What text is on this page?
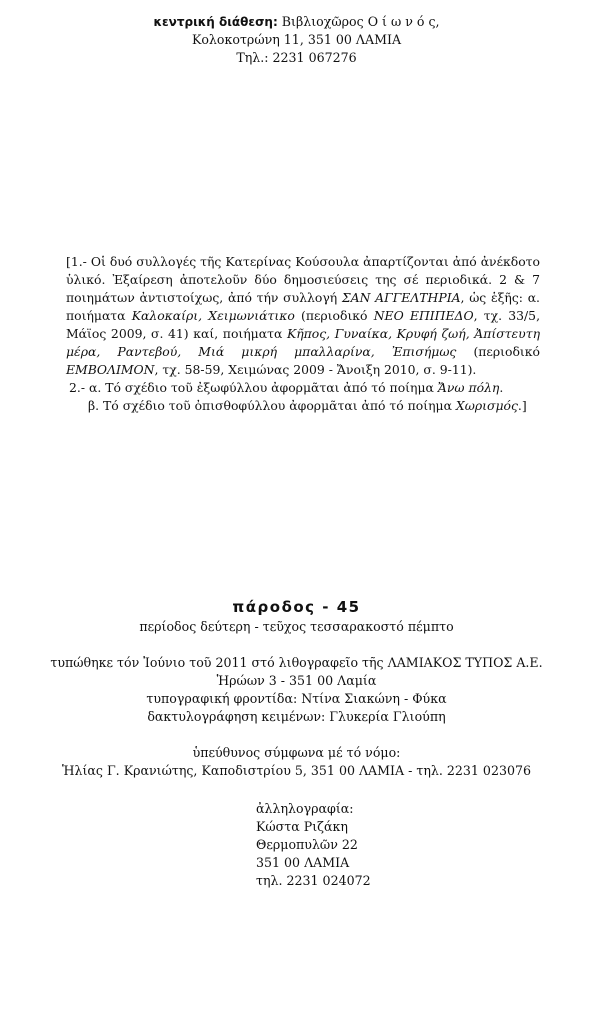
κεντρική διάθεση: Βιβλιοχῶρος Ο ί ω ν ό ς,
Κολοκοτρώνη 11, 351 00 ΛΑΜΙΑ
Τηλ.: 2231 067276

[1.- Οἱ δυό συλλογές τῆς Κατερίνας Κούσουλα ἀπαρτίζονται ἀπό ἀνέκδοτο ὑλικό. Ἐξαίρεση ἀποτελοῦν δύο δημοσιεύσεις της σέ περιοδικά. 2 & 7 ποιημάτων ἀντιστοίχως, ἀπό τήν συλλογή ΣΑΝ ΑΓΓΕΛΤΗΡΙΑ, ὡς ἑξῆς: α. ποιήματα Καλοκαίρι, Χειμωνιάτικο (περιοδικό ΝΕΟ ΕΠΙΠΕΔΟ, τχ. 33/5, Μάϊος 2009, σ. 41) καί, ποιήματα Κῆπος, Γυναίκα, Κρυφή ζωή, Ἀπίστευτη μέρα, Ραντεβού, Μιά μικρή μπαλλαρίνα, Ἐπισήμως (περιοδικό ΕΜΒΟΛΙΜΟΝ, τχ. 58-59, Χειμώνας 2009 - Ἄνοιξη 2010, σ. 9-11).

2.- α. Τό σχέδιο τοῦ ἐξωφύλλου ἀφορμᾶται ἀπό τό ποίημα Ἄνω πόλη.

β. Τό σχέδιο τοῦ ὀπισθοφύλλου ἀφορμᾶται ἀπό τό ποίημα Χωρισμός.]

πάροδος - 45
περίοδος δεύτερη - τεῦχος τεσσαρακοστό πέμπτο
τυπώθηκε τόν Ἰούνιο τοῦ 2011 στό λιθογραφεῖο τῆς ΛΑΜΙΑΚΟΣ ΤΥΠΟΣ Α.Ε.
Ἡρώων 3 - 351 00 Λαμία
τυπογραφική φροντίδα: Ντίνα Σιακώνη - Φύκα
δακτυλογράφηση κειμένων: Γλυκερία Γλιούπη
ὑπεύθυνος σύμφωνα μέ τό νόμο:
Ἡλίας Γ. Κρανιώτης, Καποδιστρίου 5, 351 00 ΛΑΜΙΑ - τηλ. 2231 023076
ἀλληλογραφία:
Κώστα Ριζάκη
Θερμοπυλῶν 22
351 00 ΛΑΜΙΑ
τηλ. 2231 024072
